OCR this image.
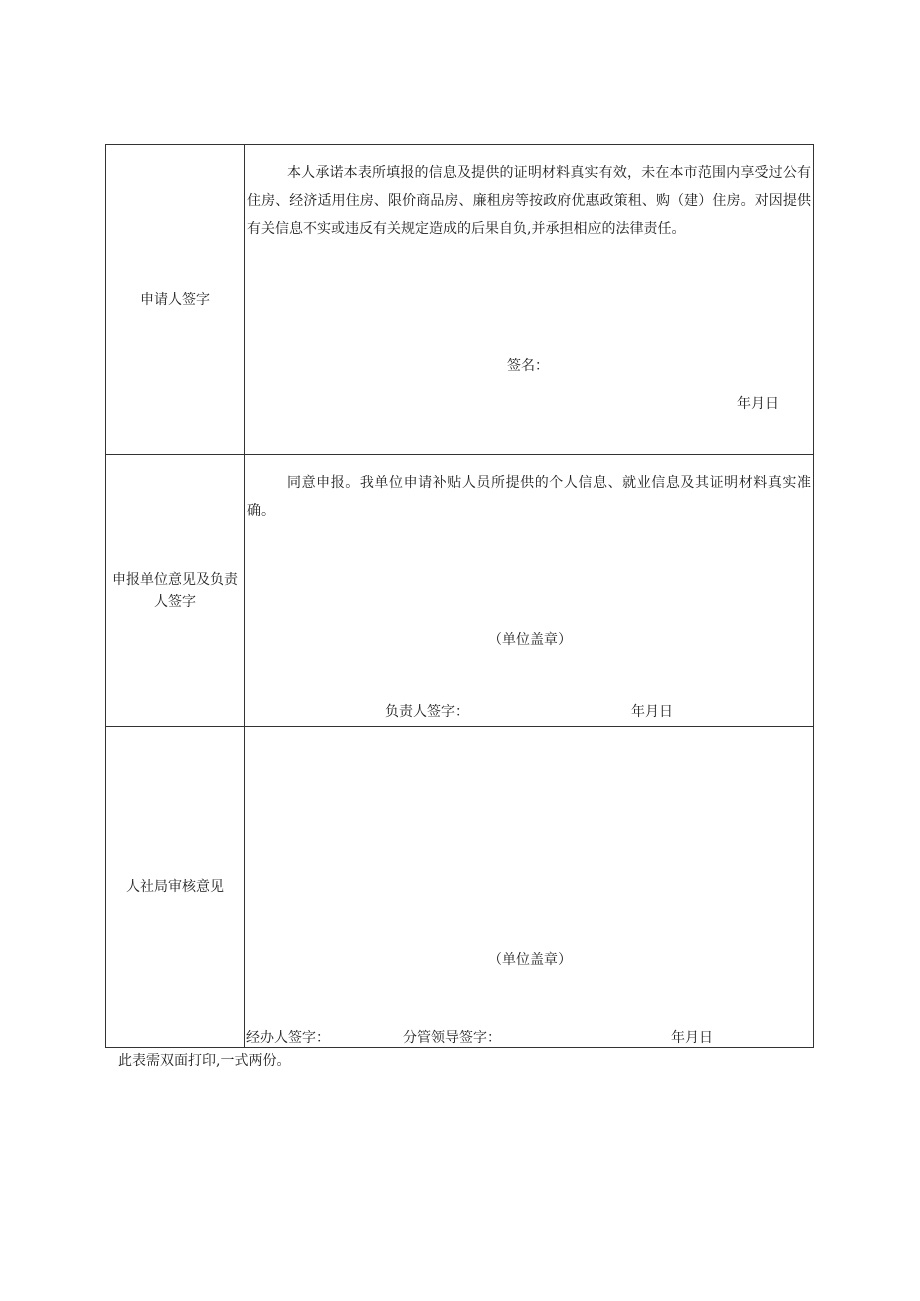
申请人签字

本人承诺本表所填报的信息及提供的证明材料真实有效，未在本市范围内享受过公有住房、经济适用住房、限价商品房、廉租房等按政府优惠政策租、购（建）住房。对因提供有关信息不实或违反有关规定造成的后果自负,并承担相应的法律责任。

签名：
年月日
申报单位意见及负责人签字

同意申报。我单位申请补贴人员所提供的个人信息、就业信息及其证明材料真实准确。

（单位盖章）
负责人签字：	年月日
人社局审核意见
（单位盖章）
经办人签字：	分管领导签字：	年月日
此表需双面打印,一式两份。
